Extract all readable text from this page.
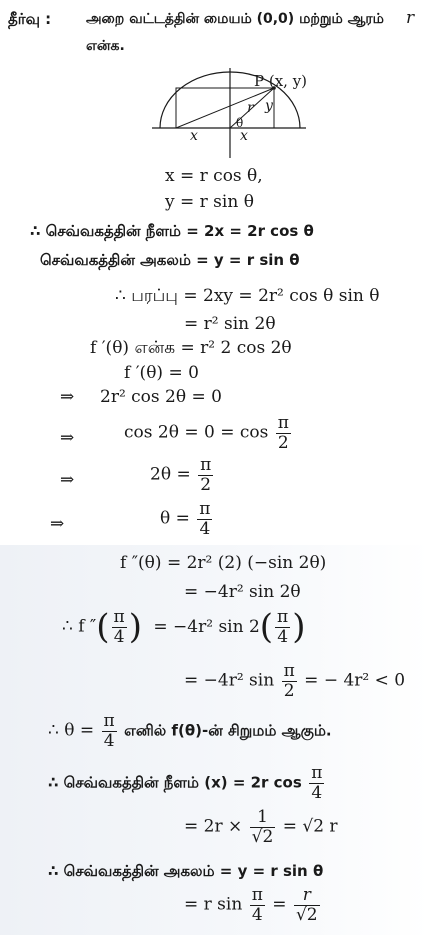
தீர்வு : அறை வட்டத்தின் மையம் (0,0) மற்றும் ஆரம் r
என்க.
P (x, y)
r y
θ
x	x
x = r cos θ,
y = r sin θ
∴ செவ்வகத்தின் நீளம் = 2x = 2r cos θ
செவ்வகத்தின் அகலம் = y = r sin θ
∴ பரப்பு = 2xy = 2r² cos θ sin θ
= r² sin 2θ
f ′(θ) என்க = r² 2 cos 2θ
f ′(θ) = 0
⇒ 2r² cos 2θ = 0
⇒	$\cos 2\theta = 0 = \cos \frac{\pi}{2}$
⇒	$2\theta = \frac{\pi}{2}$
⇒	$\theta = \frac{\pi}{4}$
f ″(θ) = 2r² (2) (−sin 2θ)
= −4r² sin 2θ
∴ f ″( $\frac{\pi}{4}$ ) = −4r² $\sin 2( \frac{\pi}{4}$ )
= −4r² $\sin \frac{\pi}{2}$ = − 4r² < 0
∴ $\theta = \frac{\pi}{4}$ எனில் f(θ)-ன் சிறுமம் ஆகும்.
∴ செவ்வகத்தின் நீளம் (x) = 2r $\cos \frac{\pi}{4}$
= $2r \times \frac{1}{√2} = √2$ r
∴ செவ்வகத்தின் அகலம் = y = r sin θ
= r $\sin \frac{\pi}{4} = \frac{r}{√2}$
